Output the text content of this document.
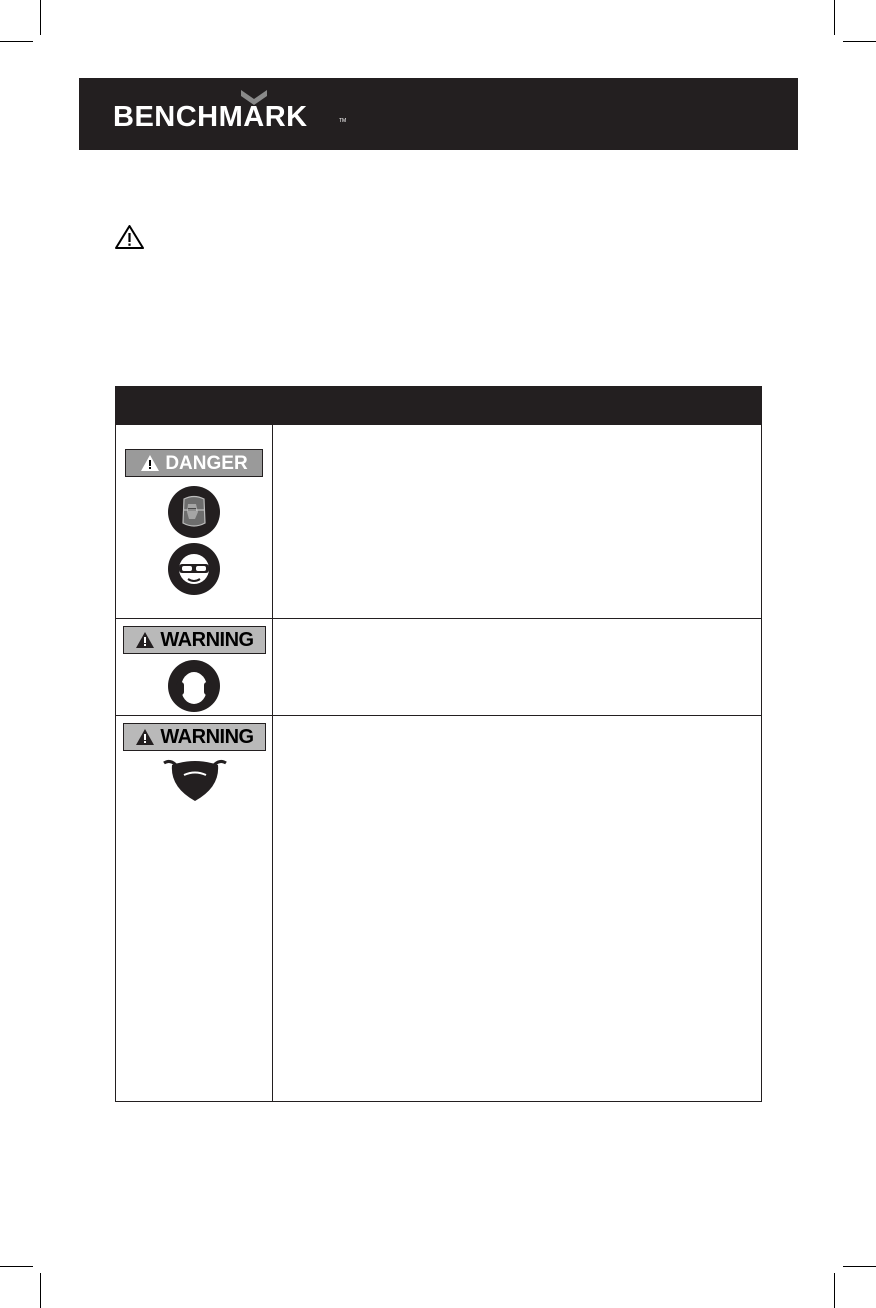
BENCHMARK	TM
DANGER
WARNING
WARNING
